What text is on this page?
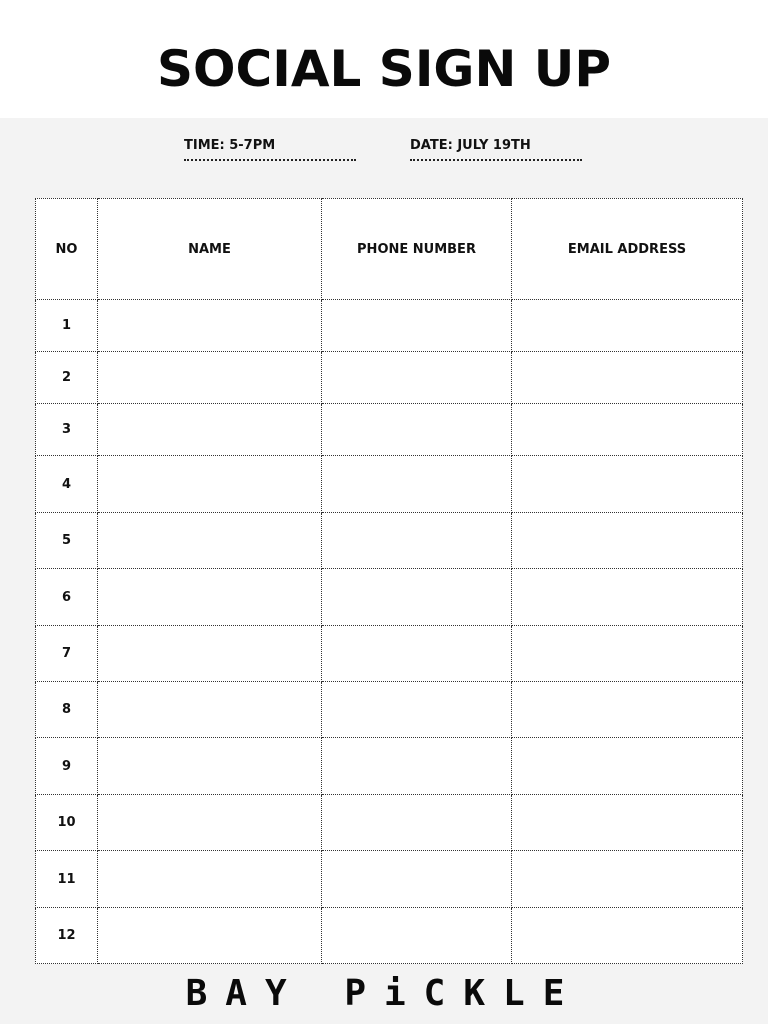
SOCIAL SIGN UP
TIME: 5-7PM	DATE: JULY 19TH
NO	NAME	PHONE NUMBER	EMAIL ADDRESS
1			
2			
3			
4			
5			
6			
7			
8			
9			
10			
11			
12			
BAY PiCKLE
